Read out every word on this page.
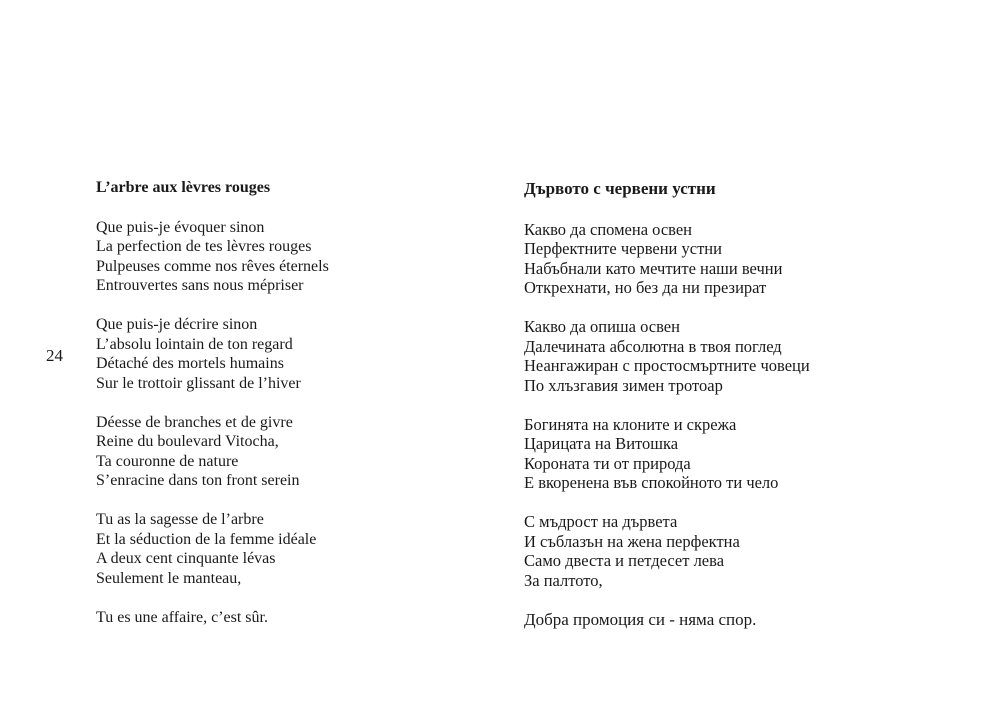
24

L’arbre aux lèvres rouges

Que puis-je évoquer sinon
La perfection de tes lèvres rouges
Pulpeuses comme nos rêves éternels
Entrouvertes sans nous mépriser
Que puis-je décrire sinon
L’absolu lointain de ton regard
Détaché des mortels humains
Sur le trottoir glissant de l’hiver
Déesse de branches et de givre
Reine du boulevard Vitocha,
Ta couronne de nature
S’enracine dans ton front serein
Tu as la sagesse de l’arbre
Et la séduction de la femme idéale
A deux cent cinquante lévas
Seulement le manteau,
Tu es une affaire, c’est sûr.

Дървото с червени устни

Какво да спомена освен
Перфектните червени устни
Набъбнали като мечтите наши вечни
Открехнати, но без да ни презират
Какво да опиша освен
Далечината абсолютна в твоя поглед
Неангажиран с простосмъртните човеци
По хлъзгавия зимен тротоар
Богинята на клоните и скрежа
Царицата на Витошка
Короната ти от природа
Е вкоренена във спокойното ти чело
С мъдрост на дървета
И съблазън на жена перфектна
Само двеста и петдесет лева
За палтото,
Добра промоция си - няма спор.
